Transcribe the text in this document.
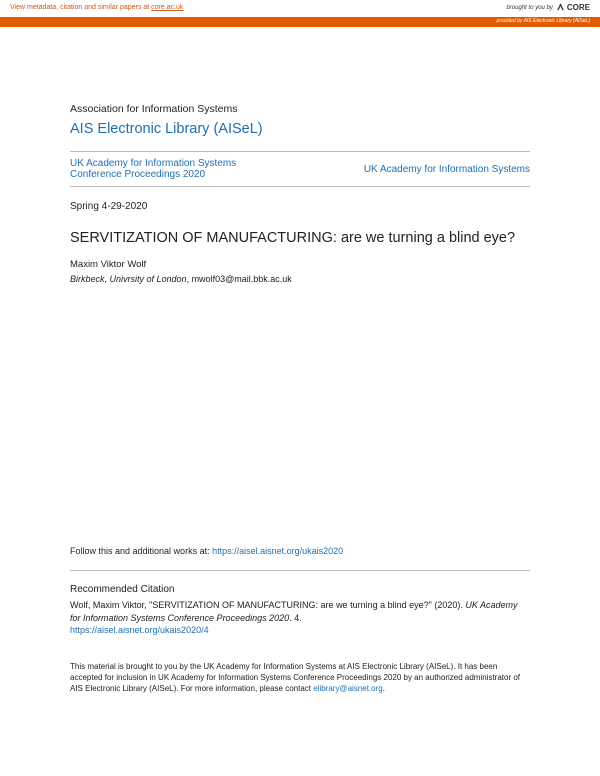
View metadata, citation and similar papers at core.ac.uk	brought to you by CORE
provided by AIS Electronic Library (AISeL)
Association for Information Systems
AIS Electronic Library (AISeL)
UK Academy for Information Systems
Conference Proceedings 2020	UK Academy for Information Systems
Spring 4-29-2020
SERVITIZATION OF MANUFACTURING: are we turning a blind eye?
Maxim Viktor Wolf
Birkbeck, Univrsity of London, mwolf03@mail.bbk.ac.uk
Follow this and additional works at: https://aisel.aisnet.org/ukais2020
Recommended Citation
Wolf, Maxim Viktor, "SERVITIZATION OF MANUFACTURING: are we turning a blind eye?" (2020). UK Academy for Information Systems Conference Proceedings 2020. 4.
https://aisel.aisnet.org/ukais2020/4
This material is brought to you by the UK Academy for Information Systems at AIS Electronic Library (AISeL). It has been accepted for inclusion in UK Academy for Information Systems Conference Proceedings 2020 by an authorized administrator of AIS Electronic Library (AISeL). For more information, please contact elibrary@aisnet.org.
